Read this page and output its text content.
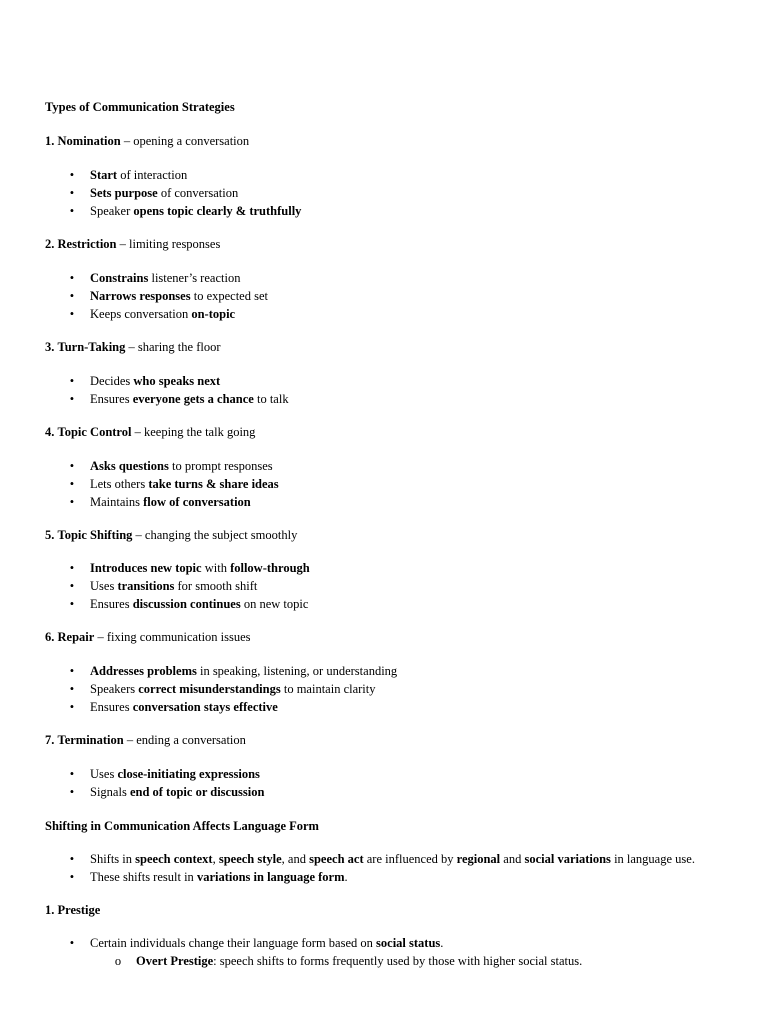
Types of Communication Strategies
1. Nomination – opening a conversation
• Start of interaction
• Sets purpose of conversation
• Speaker opens topic clearly & truthfully
2. Restriction – limiting responses
• Constrains listener’s reaction
• Narrows responses to expected set
• Keeps conversation on-topic
3. Turn-Taking – sharing the floor
• Decides who speaks next
• Ensures everyone gets a chance to talk
4. Topic Control – keeping the talk going
• Asks questions to prompt responses
• Lets others take turns & share ideas
• Maintains flow of conversation
5. Topic Shifting – changing the subject smoothly
• Introduces new topic with follow-through
• Uses transitions for smooth shift
• Ensures discussion continues on new topic
6. Repair – fixing communication issues
• Addresses problems in speaking, listening, or understanding
• Speakers correct misunderstandings to maintain clarity
• Ensures conversation stays effective
7. Termination – ending a conversation
• Uses close-initiating expressions
• Signals end of topic or discussion
Shifting in Communication Affects Language Form
• Shifts in speech context, speech style, and speech act are influenced by regional and social variations in language use.
• These shifts result in variations in language form.
1. Prestige
• Certain individuals change their language form based on social status.
o Overt Prestige: speech shifts to forms frequently used by those with higher social status.
